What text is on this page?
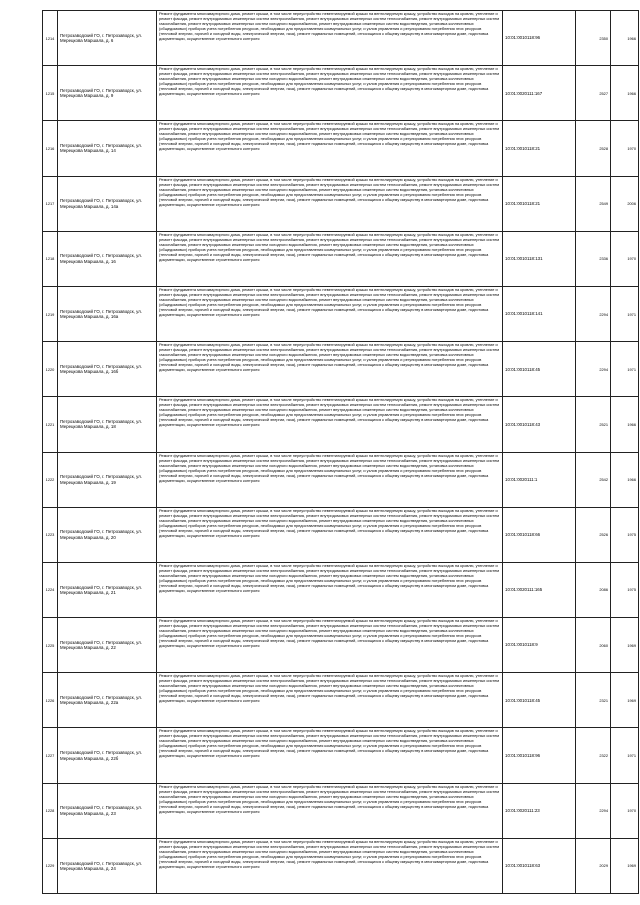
1214	Петрозаводский ГО, г. Петрозаводск, ул. Мерецкова Маршала, д. 6	Ремонт фундамента многоквартирного дома, ремонт крыши, в том числе переустройство невентилируемой крыши на вентилируемую крышу, устройство выходов на кровлю, утепление и ремонт фасада, ремонт внутридомовых инженерных систем электроснабжения, ремонт внутридомовых инженерных систем теплоснабжения, ремонт внутридомовых инженерных систем газоснабжения, ремонт внутридомовых инженерных систем холодного водоснабжения, ремонт внутридомовых инженерных систем водоотведения, установка коллективных (общедомовых) приборов учета потребления ресурсов, необходимых для предоставления коммунальных услуг, и узлов управления и регулирования потребления этих ресурсов (тепловой энергии, горячей и холодной воды, электрической энергии, газа), ремонт подвальных помещений, относящихся к общему имуществу в многоквартирном доме, подготовка документации, осуществление строительного контроля	10:01:0010118:96	2350	1966
1215	Петрозаводский ГО, г. Петрозаводск, ул. Мерецкова Маршала, д. 9	Ремонт фундамента многоквартирного дома, ремонт крыши, в том числе переустройство невентилируемой крыши на вентилируемую крышу, устройство выходов на кровлю, утепление и ремонт фасада, ремонт внутридомовых инженерных систем электроснабжения, ремонт внутридомовых инженерных систем теплоснабжения, ремонт внутридомовых инженерных систем газоснабжения, ремонт внутридомовых инженерных систем холодного водоснабжения, ремонт внутридомовых инженерных систем водоотведения, установка коллективных (общедомовых) приборов учета потребления ресурсов, необходимых для предоставления коммунальных услуг, и узлов управления и регулирования потребления этих ресурсов (тепловой энергии, горячей и холодной воды, электрической энергии, газа), ремонт подвальных помещений, относящихся к общему имуществу в многоквартирном доме, подготовка документации, осуществление строительного контроля	10:01:0020111:167	2527	1966
1216	Петрозаводский ГО, г. Петрозаводск, ул. Мерецкова Маршала, д. 14	Ремонт фундамента многоквартирного дома, ремонт крыши, в том числе переустройство невентилируемой крыши на вентилируемую крышу, устройство выходов на кровлю, утепление и ремонт фасада, ремонт внутридомовых инженерных систем электроснабжения, ремонт внутридомовых инженерных систем теплоснабжения, ремонт внутридомовых инженерных систем газоснабжения, ремонт внутридомовых инженерных систем холодного водоснабжения, ремонт внутридомовых инженерных систем водоотведения, установка коллективных (общедомовых) приборов учета потребления ресурсов, необходимых для предоставления коммунальных услуг, и узлов управления и регулирования потребления этих ресурсов (тепловой энергии, горячей и холодной воды, электрической энергии, газа), ремонт подвальных помещений, относящихся к общему имуществу в многоквартирном доме, подготовка документации, осуществление строительного контроля	10:01:0010118:21	2528	1970
1217	Петрозаводский ГО, г. Петрозаводск, ул. Мерецкова Маршала, д. 14а	Ремонт фундамента многоквартирного дома, ремонт крыши, в том числе переустройство невентилируемой крыши на вентилируемую крышу, устройство выходов на кровлю, утепление и ремонт фасада, ремонт внутридомовых инженерных систем электроснабжения, ремонт внутридомовых инженерных систем теплоснабжения, ремонт внутридомовых инженерных систем газоснабжения, ремонт внутридомовых инженерных систем холодного водоснабжения, ремонт внутридомовых инженерных систем водоотведения, установка коллективных (общедомовых) приборов учета потребления ресурсов, необходимых для предоставления коммунальных услуг, и узлов управления и регулирования потребления этих ресурсов (тепловой энергии, горячей и холодной воды, электрической энергии, газа), ремонт подвальных помещений, относящихся к общему имуществу в многоквартирном доме, подготовка документации, осуществление строительного контроля	10:01:0010118:21	2549	2006
1218	Петрозаводский ГО, г. Петрозаводск, ул. Мерецкова Маршала, д. 16	Ремонт фундамента многоквартирного дома, ремонт крыши, в том числе переустройство невентилируемой крыши на вентилируемую крышу, устройство выходов на кровлю, утепление и ремонт фасада, ремонт внутридомовых инженерных систем электроснабжения, ремонт внутридомовых инженерных систем теплоснабжения, ремонт внутридомовых инженерных систем газоснабжения, ремонт внутридомовых инженерных систем холодного водоснабжения, ремонт внутридомовых инженерных систем водоотведения, установка коллективных (общедомовых) приборов учета потребления ресурсов, необходимых для предоставления коммунальных услуг, и узлов управления и регулирования потребления этих ресурсов (тепловой энергии, горячей и холодной воды, электрической энергии, газа), ремонт подвальных помещений, относящихся к общему имуществу в многоквартирном доме, подготовка документации, осуществление строительного контроля	10:01:0010118:131	2336	1970
1219	Петрозаводский ГО, г. Петрозаводск, ул. Мерецкова Маршала, д. 16а	Ремонт фундамента многоквартирного дома, ремонт крыши, в том числе переустройство невентилируемой крыши на вентилируемую крышу, устройство выходов на кровлю, утепление и ремонт фасада, ремонт внутридомовых инженерных систем электроснабжения, ремонт внутридомовых инженерных систем теплоснабжения, ремонт внутридомовых инженерных систем газоснабжения, ремонт внутридомовых инженерных систем холодного водоснабжения, ремонт внутридомовых инженерных систем водоотведения, установка коллективных (общедомовых) приборов учета потребления ресурсов, необходимых для предоставления коммунальных услуг, и узлов управления и регулирования потребления этих ресурсов (тепловой энергии, горячей и холодной воды, электрической энергии, газа), ремонт подвальных помещений, относящихся к общему имуществу в многоквартирном доме, подготовка документации, осуществление строительного контроля	10:01:0010118:141	2294	1971
1220	Петрозаводский ГО, г. Петрозаводск, ул. Мерецкова Маршала, д. 16б	Ремонт фундамента многоквартирного дома, ремонт крыши, в том числе переустройство невентилируемой крыши на вентилируемую крышу, устройство выходов на кровлю, утепление и ремонт фасада, ремонт внутридомовых инженерных систем электроснабжения, ремонт внутридомовых инженерных систем теплоснабжения, ремонт внутридомовых инженерных систем газоснабжения, ремонт внутридомовых инженерных систем холодного водоснабжения, ремонт внутридомовых инженерных систем водоотведения, установка коллективных (общедомовых) приборов учета потребления ресурсов, необходимых для предоставления коммунальных услуг, и узлов управления и регулирования потребления этих ресурсов (тепловой энергии, горячей и холодной воды, электрической энергии, газа), ремонт подвальных помещений, относящихся к общему имуществу в многоквартирном доме, подготовка документации, осуществление строительного контроля	10:01:0010118:45	2294	1971
1221	Петрозаводский ГО, г. Петрозаводск, ул. Мерецкова Маршала, д. 18	Ремонт фундамента многоквартирного дома, ремонт крыши, в том числе переустройство невентилируемой крыши на вентилируемую крышу, устройство выходов на кровлю, утепление и ремонт фасада, ремонт внутридомовых инженерных систем электроснабжения, ремонт внутридомовых инженерных систем теплоснабжения, ремонт внутридомовых инженерных систем газоснабжения, ремонт внутридомовых инженерных систем холодного водоснабжения, ремонт внутридомовых инженерных систем водоотведения, установка коллективных (общедомовых) приборов учета потребления ресурсов, необходимых для предоставления коммунальных услуг, и узлов управления и регулирования потребления этих ресурсов (тепловой энергии, горячей и холодной воды, электрической энергии, газа), ремонт подвальных помещений, относящихся к общему имуществу в многоквартирном доме, подготовка документации, осуществление строительного контроля	10:01:0010118:43	2521	1966
1222	Петрозаводский ГО, г. Петрозаводск, ул. Мерецкова Маршала, д. 19	Ремонт фундамента многоквартирного дома, ремонт крыши, в том числе переустройство невентилируемой крыши на вентилируемую крышу, устройство выходов на кровлю, утепление и ремонт фасада, ремонт внутридомовых инженерных систем электроснабжения, ремонт внутридомовых инженерных систем теплоснабжения, ремонт внутридомовых инженерных систем газоснабжения, ремонт внутридомовых инженерных систем холодного водоснабжения, ремонт внутридомовых инженерных систем водоотведения, установка коллективных (общедомовых) приборов учета потребления ресурсов, необходимых для предоставления коммунальных услуг, и узлов управления и регулирования потребления этих ресурсов (тепловой энергии, горячей и холодной воды, электрической энергии, газа), ремонт подвальных помещений, относящихся к общему имуществу в многоквартирном доме, подготовка документации, осуществление строительного контроля	10:01:0020111:1	2542	1966
1223	Петрозаводский ГО, г. Петрозаводск, ул. Мерецкова Маршала, д. 20	Ремонт фундамента многоквартирного дома, ремонт крыши, в том числе переустройство невентилируемой крыши на вентилируемую крышу, устройство выходов на кровлю, утепление и ремонт фасада, ремонт внутридомовых инженерных систем электроснабжения, ремонт внутридомовых инженерных систем теплоснабжения, ремонт внутридомовых инженерных систем газоснабжения, ремонт внутридомовых инженерных систем холодного водоснабжения, ремонт внутридомовых инженерных систем водоотведения, установка коллективных (общедомовых) приборов учета потребления ресурсов, необходимых для предоставления коммунальных услуг, и узлов управления и регулирования потребления этих ресурсов (тепловой энергии, горячей и холодной воды, электрической энергии, газа), ремонт подвальных помещений, относящихся к общему имуществу в многоквартирном доме, подготовка документации, осуществление строительного контроля	10:01:0010118:66	2526	1975
1224	Петрозаводский ГО, г. Петрозаводск, ул. Мерецкова Маршала, д. 21	Ремонт фундамента многоквартирного дома, ремонт крыши, в том числе переустройство невентилируемой крыши на вентилируемую крышу, устройство выходов на кровлю, утепление и ремонт фасада, ремонт внутридомовых инженерных систем электроснабжения, ремонт внутридомовых инженерных систем теплоснабжения, ремонт внутридомовых инженерных систем газоснабжения, ремонт внутридомовых инженерных систем холодного водоснабжения, ремонт внутридомовых инженерных систем водоотведения, установка коллективных (общедомовых) приборов учета потребления ресурсов, необходимых для предоставления коммунальных услуг, и узлов управления и регулирования потребления этих ресурсов (тепловой энергии, горячей и холодной воды, электрической энергии, газа), ремонт подвальных помещений, относящихся к общему имуществу в многоквартирном доме, подготовка документации, осуществление строительного контроля	10:01:0020111:165	2086	1975
1225	Петрозаводский ГО, г. Петрозаводск, ул. Мерецкова Маршала, д. 22	Ремонт фундамента многоквартирного дома, ремонт крыши, в том числе переустройство невентилируемой крыши на вентилируемую крышу, устройство выходов на кровлю, утепление и ремонт фасада, ремонт внутридомовых инженерных систем электроснабжения, ремонт внутридомовых инженерных систем теплоснабжения, ремонт внутридомовых инженерных систем газоснабжения, ремонт внутридомовых инженерных систем холодного водоснабжения, ремонт внутридомовых инженерных систем водоотведения, установка коллективных (общедомовых) приборов учета потребления ресурсов, необходимых для предоставления коммунальных услуг, и узлов управления и регулирования потребления этих ресурсов (тепловой энергии, горячей и холодной воды, электрической энергии, газа), ремонт подвальных помещений, относящихся к общему имуществу в многоквартирном доме, подготовка документации, осуществление строительного контроля	10:01:0010118:9	2060	1969
1226	Петрозаводский ГО, г. Петрозаводск, ул. Мерецкова Маршала, д. 22а	Ремонт фундамента многоквартирного дома, ремонт крыши, в том числе переустройство невентилируемой крыши на вентилируемую крышу, устройство выходов на кровлю, утепление и ремонт фасада, ремонт внутридомовых инженерных систем электроснабжения, ремонт внутридомовых инженерных систем теплоснабжения, ремонт внутридомовых инженерных систем газоснабжения, ремонт внутридомовых инженерных систем холодного водоснабжения, ремонт внутридомовых инженерных систем водоотведения, установка коллективных (общедомовых) приборов учета потребления ресурсов, необходимых для предоставления коммунальных услуг, и узлов управления и регулирования потребления этих ресурсов (тепловой энергии, горячей и холодной воды, электрической энергии, газа), ремонт подвальных помещений, относящихся к общему имуществу в многоквартирном доме, подготовка документации, осуществление строительного контроля	10:01:0010118:45	2321	1969
1227	Петрозаводский ГО, г. Петрозаводск, ул. Мерецкова Маршала, д. 22б	Ремонт фундамента многоквартирного дома, ремонт крыши, в том числе переустройство невентилируемой крыши на вентилируемую крышу, устройство выходов на кровлю, утепление и ремонт фасада, ремонт внутридомовых инженерных систем электроснабжения, ремонт внутридомовых инженерных систем теплоснабжения, ремонт внутридомовых инженерных систем газоснабжения, ремонт внутридомовых инженерных систем холодного водоснабжения, ремонт внутридомовых инженерных систем водоотведения, установка коллективных (общедомовых) приборов учета потребления ресурсов, необходимых для предоставления коммунальных услуг, и узлов управления и регулирования потребления этих ресурсов (тепловой энергии, горячей и холодной воды, электрической энергии, газа), ремонт подвальных помещений, относящихся к общему имуществу в многоквартирном доме, подготовка документации, осуществление строительного контроля	10:01:0010118:96	2322	1971
1228	Петрозаводский ГО, г. Петрозаводск, ул. Мерецкова Маршала, д. 23	Ремонт фундамента многоквартирного дома, ремонт крыши, в том числе переустройство невентилируемой крыши на вентилируемую крышу, устройство выходов на кровлю, утепление и ремонт фасада, ремонт внутридомовых инженерных систем электроснабжения, ремонт внутридомовых инженерных систем теплоснабжения, ремонт внутридомовых инженерных систем газоснабжения, ремонт внутридомовых инженерных систем холодного водоснабжения, ремонт внутридомовых инженерных систем водоотведения, установка коллективных (общедомовых) приборов учета потребления ресурсов, необходимых для предоставления коммунальных услуг, и узлов управления и регулирования потребления этих ресурсов (тепловой энергии, горячей и холодной воды, электрической энергии, газа), ремонт подвальных помещений, относящихся к общему имуществу в многоквартирном доме, подготовка документации, осуществление строительного контроля	10:01:0020111:23	2294	1970
1229	Петрозаводский ГО, г. Петрозаводск, ул. Мерецкова Маршала, д. 24	Ремонт фундамента многоквартирного дома, ремонт крыши, в том числе переустройство невентилируемой крыши на вентилируемую крышу, устройство выходов на кровлю, утепление и ремонт фасада, ремонт внутридомовых инженерных систем электроснабжения, ремонт внутридомовых инженерных систем теплоснабжения, ремонт внутридомовых инженерных систем газоснабжения, ремонт внутридомовых инженерных систем холодного водоснабжения, ремонт внутридомовых инженерных систем водоотведения, установка коллективных (общедомовых) приборов учета потребления ресурсов, необходимых для предоставления коммунальных услуг, и узлов управления и регулирования потребления этих ресурсов (тепловой энергии, горячей и холодной воды, электрической энергии, газа), ремонт подвальных помещений, относящихся к общему имуществу в многоквартирном доме, подготовка документации, осуществление строительного контроля	10:01:0010118:63	2029	1969
